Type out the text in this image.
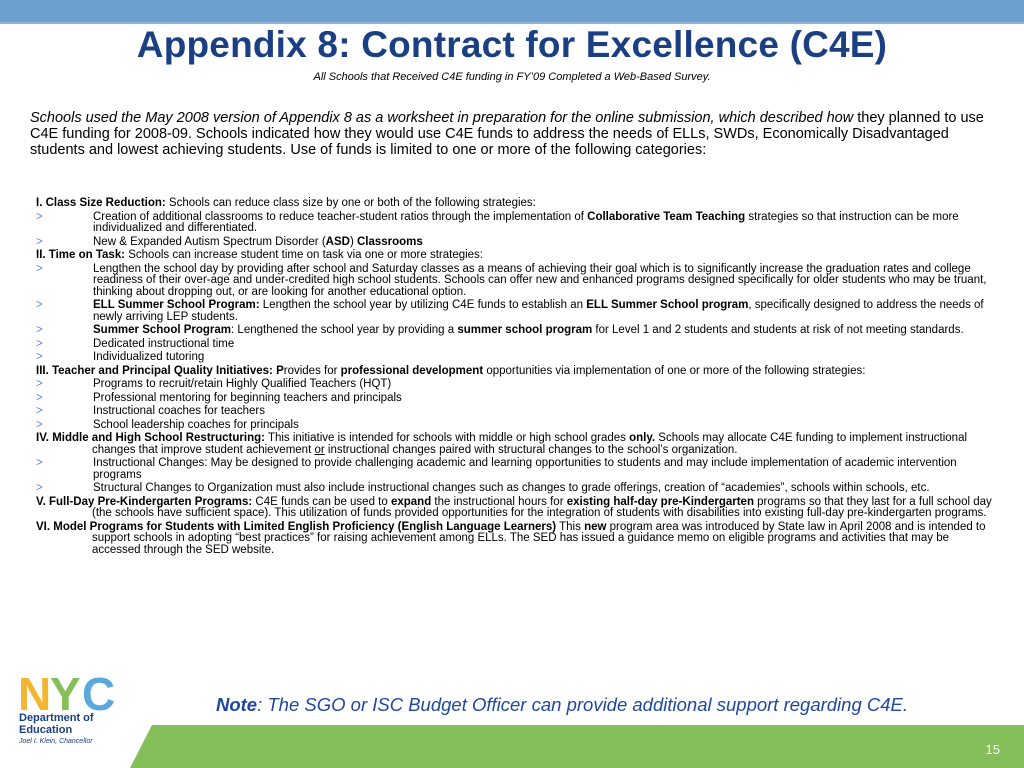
Appendix 8: Contract for Excellence (C4E)
All Schools that Received C4E funding in FY’09 Completed a Web-Based Survey.
Schools used the May 2008 version of Appendix 8 as a worksheet in preparation for the online submission, which described how they planned to use C4E funding for 2008-09. Schools indicated how they would use C4E funds to address the needs of ELLs, SWDs, Economically Disadvantaged students and lowest achieving students. Use of funds is limited to one or more of the following categories:
I. Class Size Reduction: Schools can reduce class size by one or both of the following strategies:
>	Creation of additional classrooms to reduce teacher-student ratios through the implementation of Collaborative Team Teaching strategies so that instruction can be more individualized and differentiated.
>	New & Expanded Autism Spectrum Disorder (ASD) Classrooms
II. Time on Task: Schools can increase student time on task via one or more strategies:
>	Lengthen the school day by providing after school and Saturday classes as a means of achieving their goal which is to significantly increase the graduation rates and college readiness of their over-age and under-credited high school students. Schools can offer new and enhanced programs designed specifically for older students who may be truant, thinking about dropping out, or are looking for another educational option.
>	ELL Summer School Program: Lengthen the school year by utilizing C4E funds to establish an ELL Summer School program, specifically designed to address the needs of newly arriving LEP students.
>	Summer School Program: Lengthened the school year by providing a summer school program for Level 1 and 2 students and students at risk of not meeting standards.
>	Dedicated instructional time
>	Individualized tutoring
III. Teacher and Principal Quality Initiatives: Provides for professional development opportunities via implementation of one or more of the following strategies:
>	Programs to recruit/retain Highly Qualified Teachers (HQT)
>	Professional mentoring for beginning teachers and principals
>	Instructional coaches for teachers
>	School leadership coaches for principals
IV. Middle and High School Restructuring: This initiative is intended for schools with middle or high school grades only. Schools may allocate C4E funding to implement instructional changes that improve student achievement or instructional changes paired with structural changes to the school’s organization.
>	Instructional Changes: May be designed to provide challenging academic and learning opportunities to students and may include implementation of academic intervention programs
>	Structural Changes to Organization must also include instructional changes such as changes to grade offerings, creation of “academies”, schools within schools, etc.
V. Full-Day Pre-Kindergarten Programs: C4E funds can be used to expand the instructional hours for existing half-day pre-Kindergarten programs so that they last for a full school day (the schools have sufficient space). This utilization of funds provided opportunities for the integration of students with disabilities into existing full-day pre-kindergarten programs.
VI. Model Programs for Students with Limited English Proficiency (English Language Learners) This new program area was introduced by State law in April 2008 and is intended to support schools in adopting “best practices” for raising achievement among ELLs. The SED has issued a guidance memo on eligible programs and activities that may be accessed through the SED website.
Note: The SGO or ISC Budget Officer can provide additional support regarding C4E.
15
N
Y C
Department of
Education
Joel I. Klein, Chancellor
